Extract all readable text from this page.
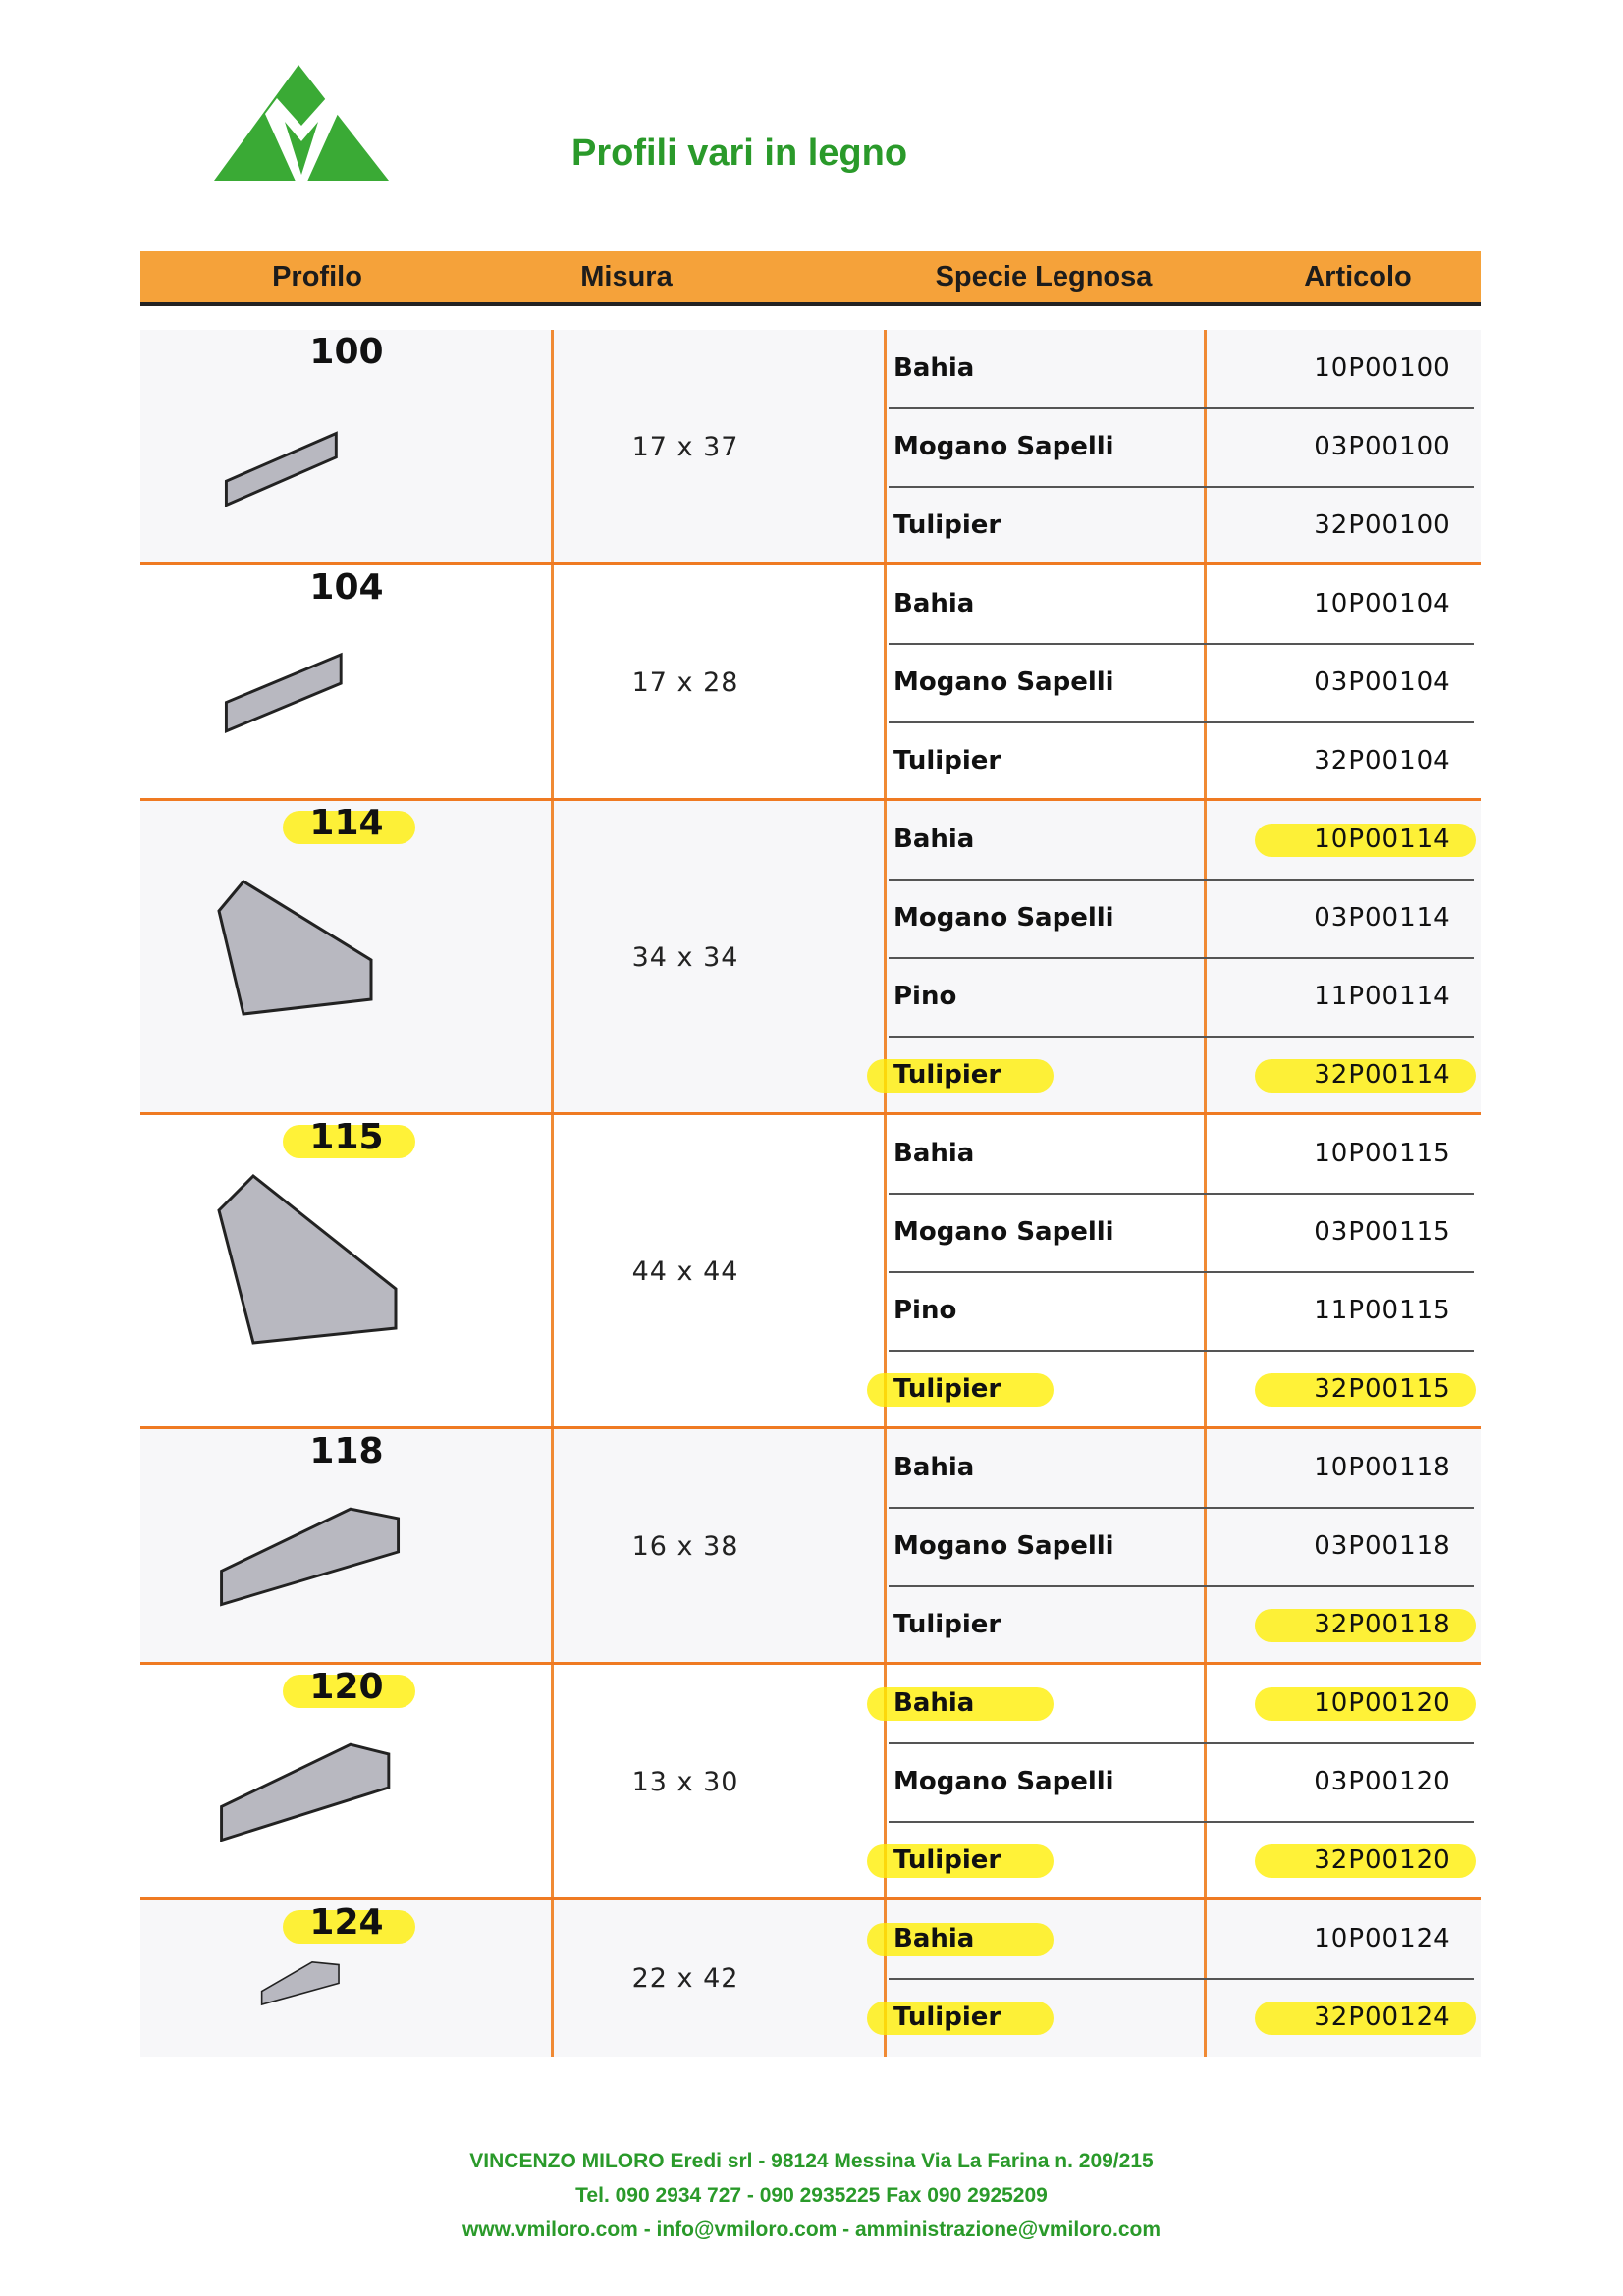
Profili vari in legno
Profilo	Misura	Specie Legnosa	Articolo
100
17 x 37
Bahia	10P00100
Mogano Sapelli	03P00100
Tulipier	32P00100
104
17 x 28
Bahia	10P00104
Mogano Sapelli	03P00104
Tulipier	32P00104
114
34 x 34
Bahia	10P00114
Mogano Sapelli	03P00114
Pino	11P00114
Tulipier	32P00114
115
44 x 44
Bahia	10P00115
Mogano Sapelli	03P00115
Pino	11P00115
Tulipier	32P00115
118
16 x 38
Bahia	10P00118
Mogano Sapelli	03P00118
Tulipier	32P00118
120
13 x 30
Bahia	10P00120
Mogano Sapelli	03P00120
Tulipier	32P00120
124
22 x 42
Bahia	10P00124
Tulipier	32P00124
VINCENZO MILORO Eredi srl - 98124 Messina Via La Farina n. 209/215
Tel. 090 2934 727 - 090 2935225 Fax 090 2925209
www.vmiloro.com - info@vmiloro.com - amministrazione@vmiloro.com
